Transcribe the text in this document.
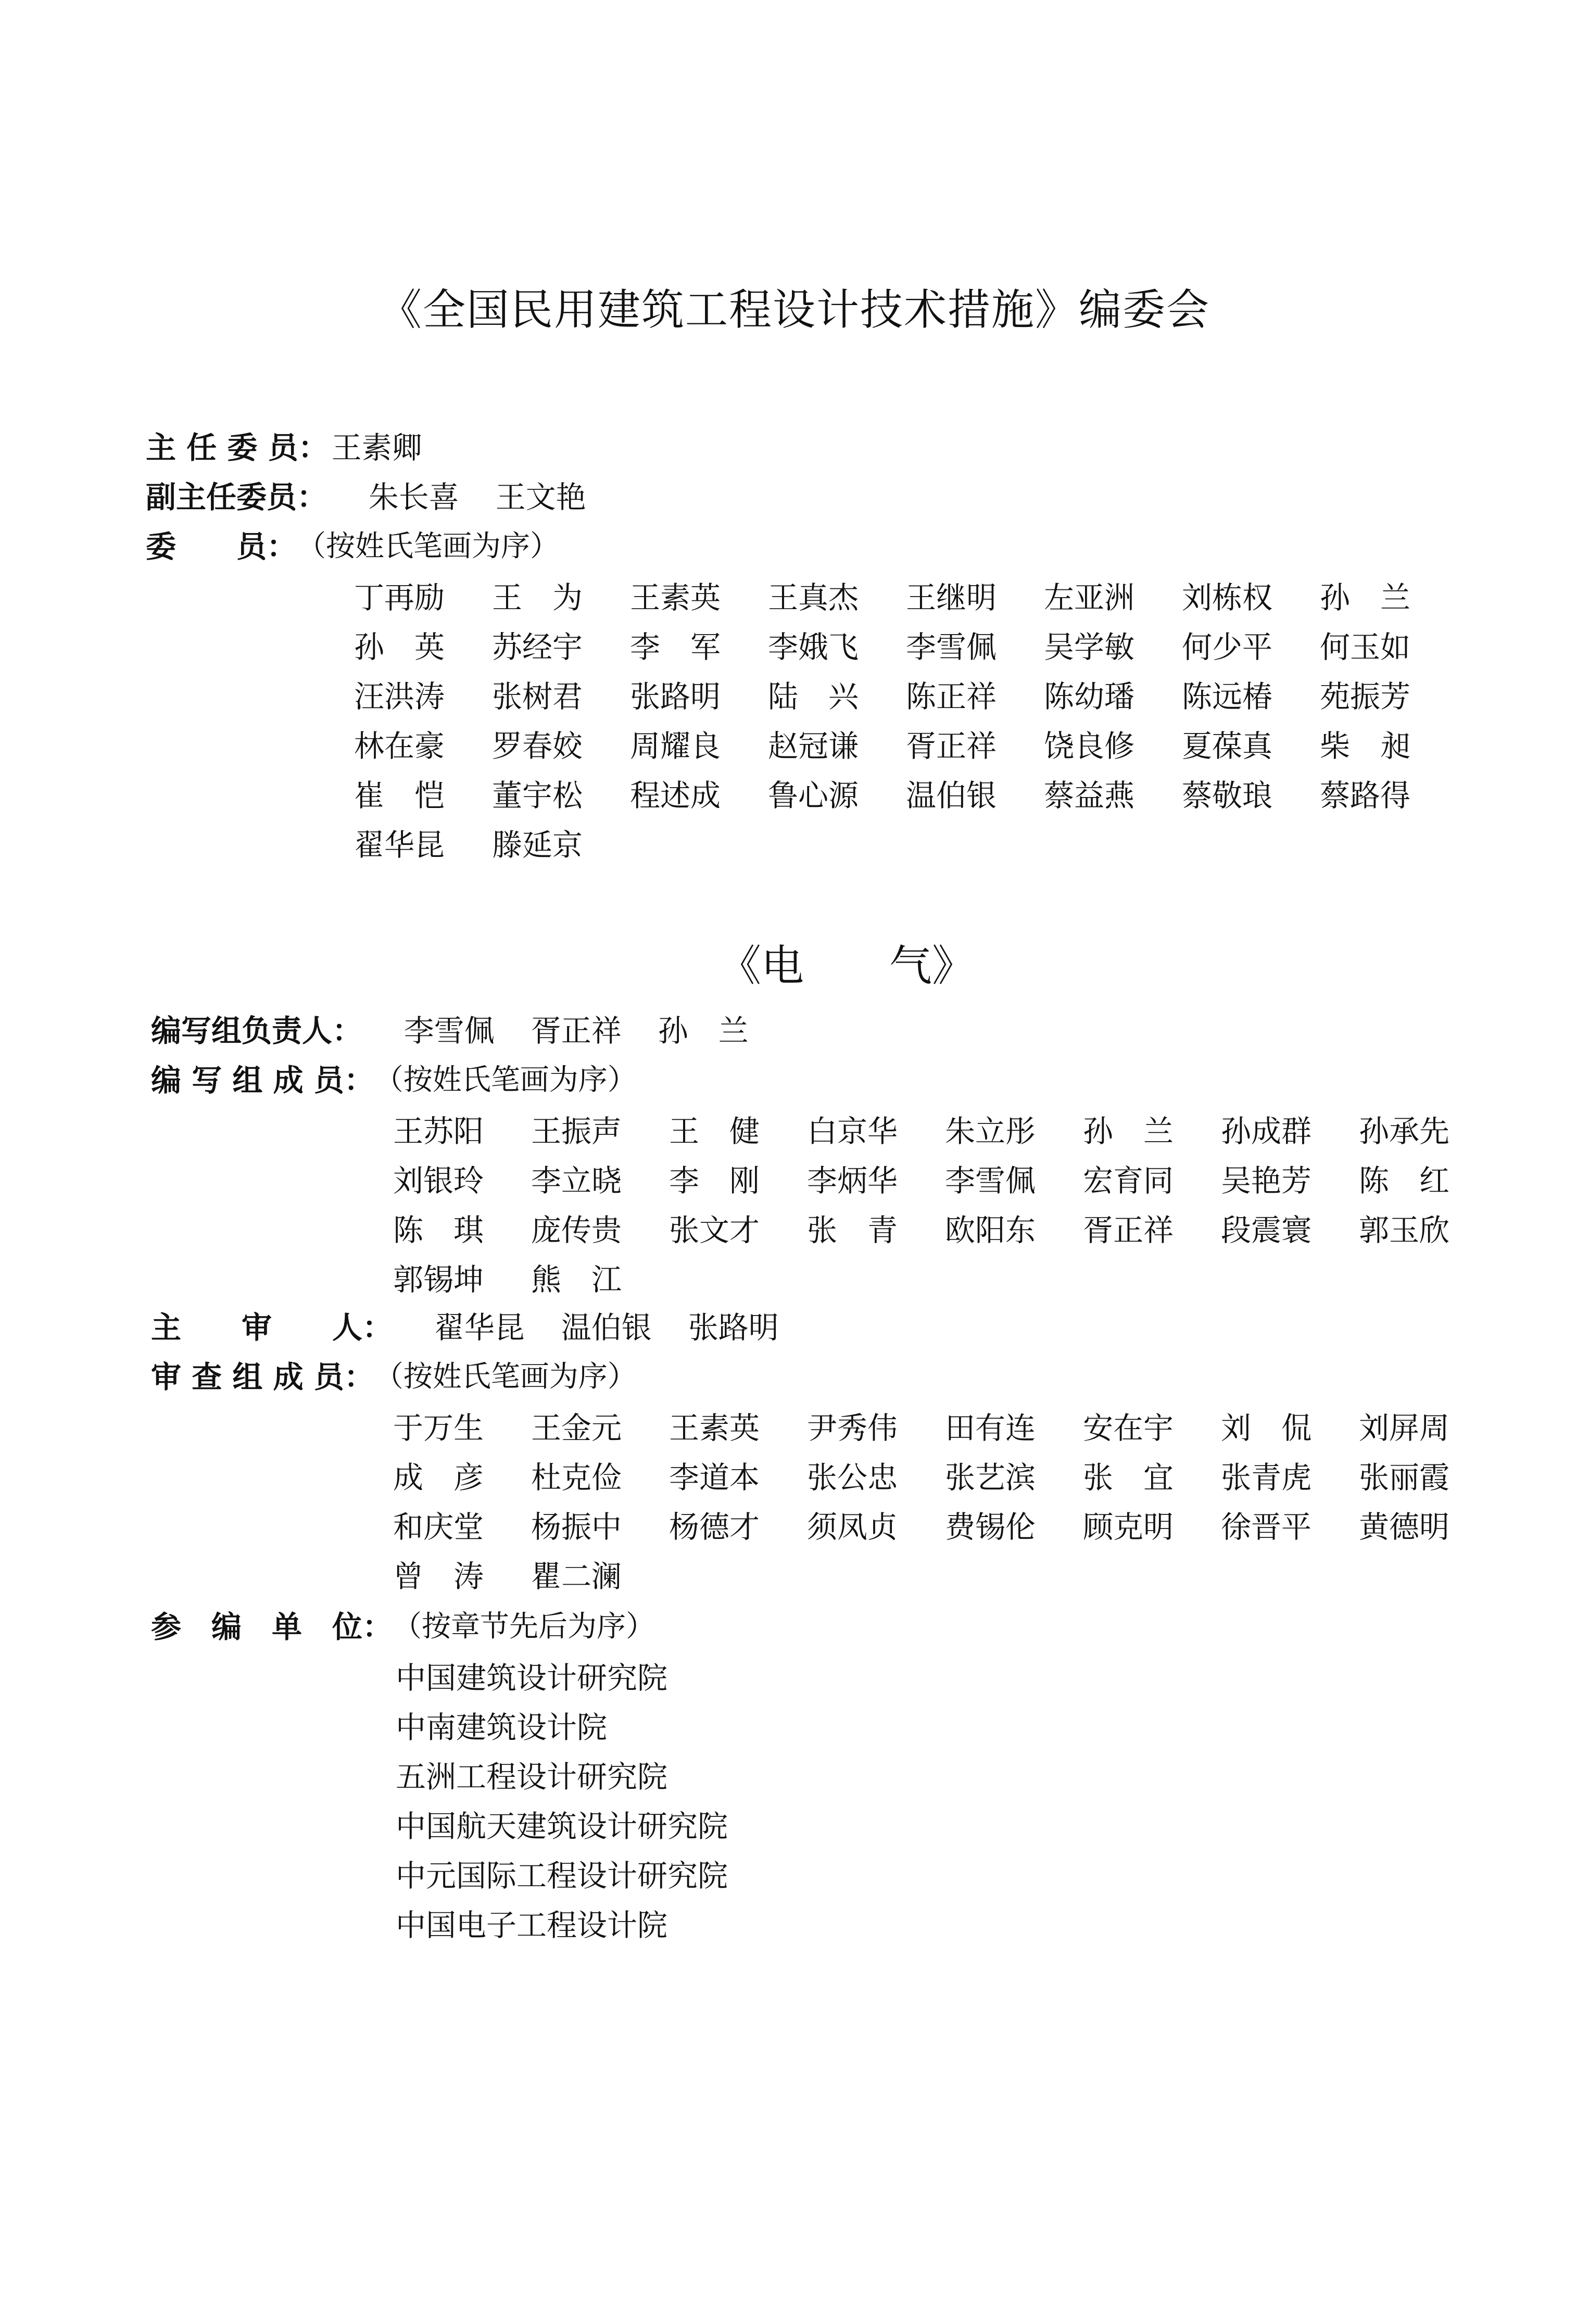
《全国民用建筑工程设计技术措施》编委会
主 任 委 员： 王素卿
副主任委员：	朱长喜 王文艳

委　　员： （按姓氏笔画为序）
丁再励	王　为	王素英	王真杰	王继明	左亚洲	刘栋权	孙　兰
孙　英	苏经宇	李　军	李娥飞	李雪佩	吴学敏	何少平	何玉如
汪洪涛	张树君	张路明	陆　兴	陈正祥	陈幼璠	陈远椿	苑振芳
林在豪	罗春姣	周耀良	赵冠谦	胥正祥	饶良修	夏葆真	柴　昶
崔　恺	董宇松	程述成	鲁心源	温伯银	蔡益燕	蔡敬琅	蔡路得
翟华昆	滕延京
《电　　气》
编写组负责人：	李雪佩 胥正祥 孙　兰

编 写 组 成 员： （按姓氏笔画为序）
王苏阳	王振声	王　健	白京华	朱立彤	孙　兰	孙成群	孙承先
刘银玲	李立晓	李　刚	李炳华	李雪佩	宏育同	吴艳芳	陈　红
陈　琪	庞传贵	张文才	张　青	欧阳东	胥正祥	段震寰	郭玉欣
郭锡坤	熊　江
主　　审　　人：	翟华昆 温伯银 张路明

审 查 组 成 员： （按姓氏笔画为序）
于万生	王金元	王素英	尹秀伟	田有连	安在宇	刘　侃	刘屏周
成　彦	杜克俭	李道本	张公忠	张艺滨	张　宜	张青虎	张丽霞
和庆堂	杨振中	杨德才	须凤贞	费锡伦	顾克明	徐晋平	黄德明
曾　涛	瞿二澜
参　编　单　位： （按章节先后为序）
中国建筑设计研究院
中南建筑设计院
五洲工程设计研究院
中国航天建筑设计研究院
中元国际工程设计研究院
中国电子工程设计院
